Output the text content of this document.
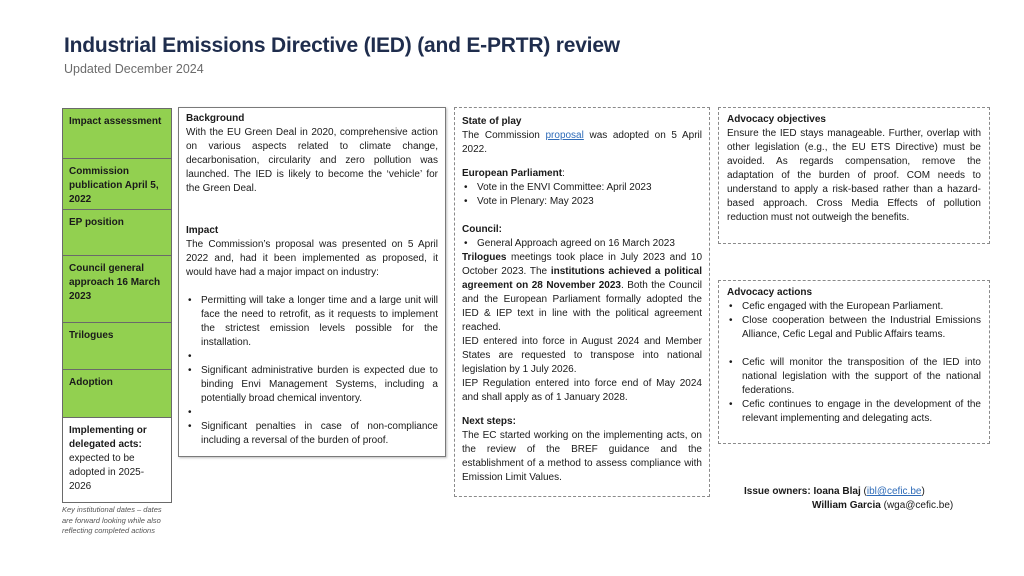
Industrial Emissions Directive (IED) (and E-PRTR) review
Updated December 2024
Impact assessment
Commission publication April 5, 2022
EP position
Council general approach 16 March 2023
Trilogues
Adoption
Implementing or delegated acts: expected to be adopted in 2025-2026
Key institutional dates – dates are forward looking while also reflecting completed actions
Background
With the EU Green Deal in 2020, comprehensive action on various aspects related to climate change, decarbonisation, circularity and zero pollution was launched. The IED is likely to become the ‘vehicle’ for the Green Deal.
Impact
The Commission’s proposal was presented on 5 April 2022 and, had it been implemented as proposed, it would have had a major impact on industry:
• Permitting will take a longer time and a large unit will face the need to retrofit, as it requests to implement the strictest emission levels possible for the installation.
•
• Significant administrative burden is expected due to binding Envi Management Systems, including a potentially broad chemical inventory.
•
• Significant penalties in case of non-compliance including a reversal of the burden of proof.
State of play
The Commission proposal was adopted on 5 April 2022.
European Parliament:
• Vote in the ENVI Committee: April 2023
• Vote in Plenary: May 2023
Council:
• General Approach agreed on 16 March 2023
Trilogues meetings took place in July 2023 and 10 October 2023. The institutions achieved a political agreement on 28 November 2023. Both the Council and the European Parliament formally adopted the IED & IEP text in line with the political agreement reached.
IED entered into force in August 2024 and Member States are requested to transpose into national legislation by 1 July 2026.
IEP Regulation entered into force end of May 2024 and shall apply as of 1 January 2028.
Next steps:
The EC started working on the implementing acts, on the review of the BREF guidance and the establishment of a method to assess compliance with Emission Limit Values.
Advocacy objectives
Ensure the IED stays manageable. Further, overlap with other legislation (e.g., the EU ETS Directive) must be avoided. As regards compensation, remove the adaptation of the burden of proof. COM needs to understand to apply a risk-based rather than a hazard-based approach. Cross Media Effects of pollution reduction must not outweigh the benefits.
Advocacy actions
• Cefic engaged with the European Parliament.
• Close cooperation between the Industrial Emissions Alliance, Cefic Legal and Public Affairs teams.
• Cefic will monitor the transposition of the IED into national legislation with the support of the national federations.
• Cefic continues to engage in the development of the relevant implementing and delegating acts.
Issue owners: Ioana Blaj (ibl@cefic.be)
William Garcia (wga@cefic.be)
